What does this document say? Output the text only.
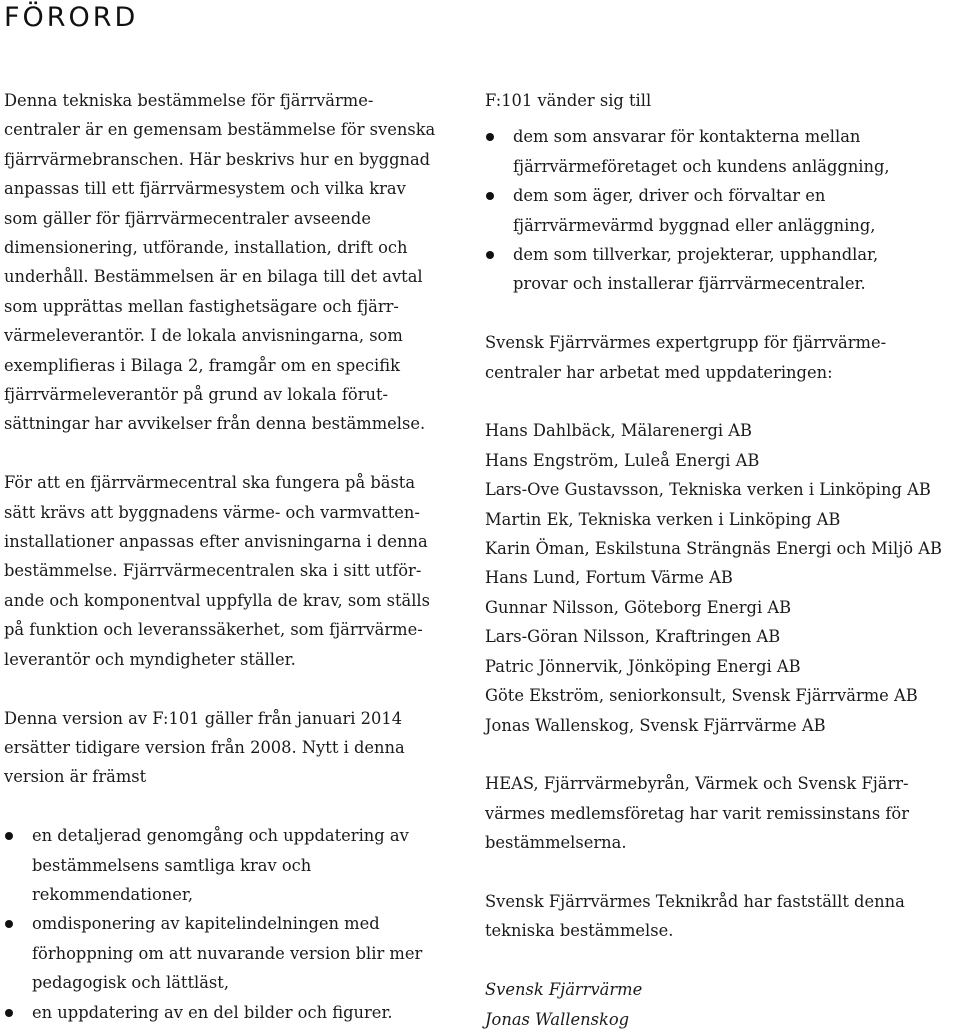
FÖRORD

Denna tekniska bestämmelse för fjärrvärme-
centraler är en gemensam bestämmelse för svenska
fjärrvärmebranschen. Här beskrivs hur en byggnad
anpassas till ett fjärrvärmesystem och vilka krav
som gäller för fjärrvärmecentraler avseende
dimensionering, utförande, installation, drift och
underhåll. Bestämmelsen är en bilaga till det avtal
som upprättas mellan fastighetsägare och fjärr-
värmeleverantör. I de lokala anvisningarna, som
exemplifieras i Bilaga 2, framgår om en specifik
fjärrvärmeleverantör på grund av lokala förut-
sättningar har avvikelser från denna bestämmelse.

För att en fjärrvärmecentral ska fungera på bästa
sätt krävs att byggnadens värme- och varmvatten-
installationer anpassas efter anvisningarna i denna
bestämmelse. Fjärrvärmecentralen ska i sitt utför-
ande och komponentval uppfylla de krav, som ställs
på funktion och leveranssäkerhet, som fjärrvärme-
leverantör och myndigheter ställer.

Denna version av F:101 gäller från januari 2014
ersätter tidigare version från 2008. Nytt i denna
version är främst

en detaljerad genomgång och uppdatering av
bestämmelsens samtliga krav och
rekommendationer,
omdisponering av kapitelindelningen med
förhoppning om att nuvarande version blir mer
pedagogisk och lättläst,
en uppdatering av en del bilder och figurer.

F:101 vänder sig till

dem som ansvarar för kontakterna mellan
fjärrvärmeföretaget och kundens anläggning,
dem som äger, driver och förvaltar en
fjärrvärmevärmd byggnad eller anläggning,
dem som tillverkar, projekterar, upphandlar,
provar och installerar fjärrvärmecentraler.

Svensk Fjärrvärmes expertgrupp för fjärrvärme-
centraler har arbetat med uppdateringen:

Hans Dahlbäck, Mälarenergi AB
Hans Engström, Luleå Energi AB
Lars-Ove Gustavsson, Tekniska verken i Linköping AB
Martin Ek, Tekniska verken i Linköping AB
Karin Öman, Eskilstuna Strängnäs Energi och Miljö AB
Hans Lund, Fortum Värme AB
Gunnar Nilsson, Göteborg Energi AB
Lars-Göran Nilsson, Kraftringen AB
Patric Jönnervik, Jönköping Energi AB
Göte Ekström, seniorkonsult, Svensk Fjärrvärme AB
Jonas Wallenskog, Svensk Fjärrvärme AB

HEAS, Fjärrvärmebyrån, Värmek och Svensk Fjärr-
värmes medlemsföretag har varit remissinstans för
bestämmelserna.

Svensk Fjärrvärmes Teknikråd har fastställt denna
tekniska bestämmelse.

Svensk Fjärrvärme
Jonas Wallenskog
